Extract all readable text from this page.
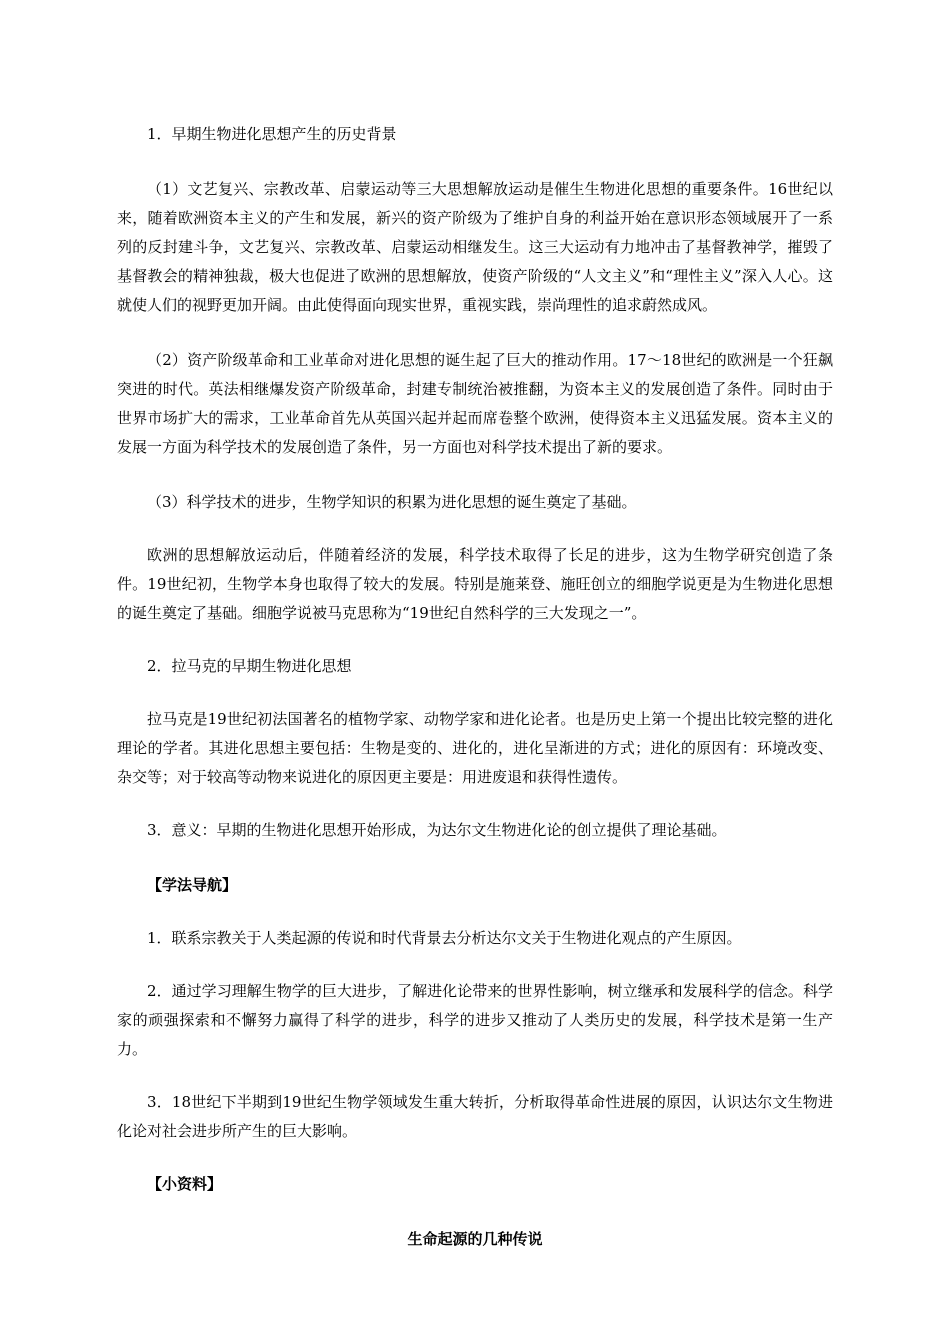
1．早期生物进化思想产生的历史背景

（1）文艺复兴、宗教改革、启蒙运动等三大思想解放运动是催生生物进化思想的重要条件。16世纪以来，随着欧洲资本主义的产生和发展，新兴的资产阶级为了维护自身的利益开始在意识形态领域展开了一系列的反封建斗争，文艺复兴、宗教改革、启蒙运动相继发生。这三大运动有力地冲击了基督教神学，摧毁了基督教会的精神独裁，极大也促进了欧洲的思想解放，使资产阶级的“人文主义”和“理性主义”深入人心。这就使人们的视野更加开阔。由此使得面向现实世界，重视实践，崇尚理性的追求蔚然成风。

（2）资产阶级革命和工业革命对进化思想的诞生起了巨大的推动作用。17～18世纪的欧洲是一个狂飙突进的时代。英法相继爆发资产阶级革命，封建专制统治被推翻，为资本主义的发展创造了条件。同时由于世界市场扩大的需求，工业革命首先从英国兴起并起而席卷整个欧洲，使得资本主义迅猛发展。资本主义的发展一方面为科学技术的发展创造了条件，另一方面也对科学技术提出了新的要求。

（3）科学技术的进步，生物学知识的积累为进化思想的诞生奠定了基础。

欧洲的思想解放运动后，伴随着经济的发展，科学技术取得了长足的进步，这为生物学研究创造了条件。19世纪初，生物学本身也取得了较大的发展。特别是施莱登、施旺创立的细胞学说更是为生物进化思想的诞生奠定了基础。细胞学说被马克思称为“19世纪自然科学的三大发现之一”。

2．拉马克的早期生物进化思想

拉马克是19世纪初法国著名的植物学家、动物学家和进化论者。也是历史上第一个提出比较完整的进化理论的学者。其进化思想主要包括：生物是变的、进化的，进化呈渐进的方式；进化的原因有：环境改变、杂交等；对于较高等动物来说进化的原因更主要是：用进废退和获得性遗传。

3．意义：早期的生物进化思想开始形成，为达尔文生物进化论的创立提供了理论基础。

【学法导航】

1．联系宗教关于人类起源的传说和时代背景去分析达尔文关于生物进化观点的产生原因。

2．通过学习理解生物学的巨大进步，了解进化论带来的世界性影响，树立继承和发展科学的信念。科学家的顽强探索和不懈努力赢得了科学的进步，科学的进步又推动了人类历史的发展，科学技术是第一生产力。

3．18世纪下半期到19世纪生物学领域发生重大转折，分析取得革命性进展的原因，认识达尔文生物进化论对社会进步所产生的巨大影响。

【小资料】

生命起源的几种传说
